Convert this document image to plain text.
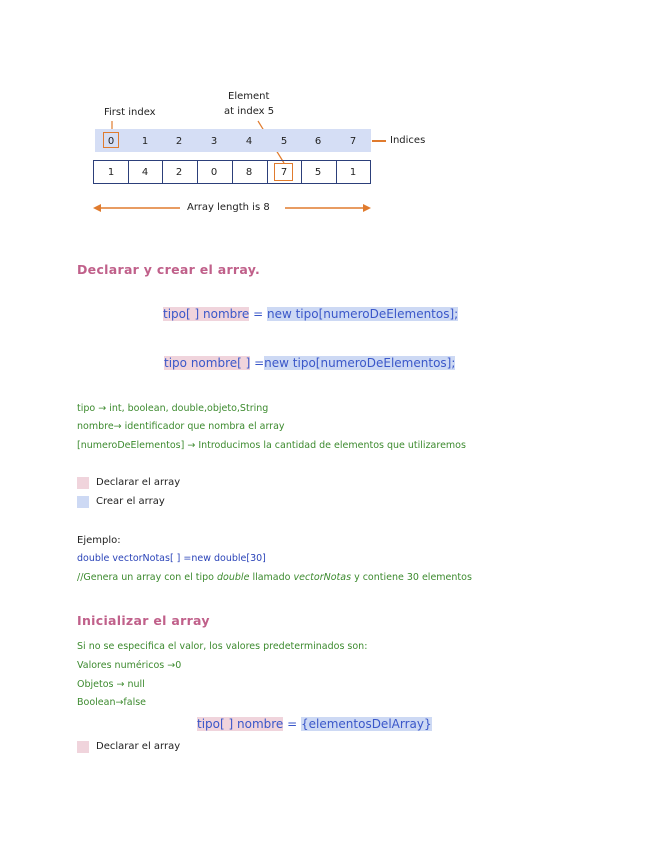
Element
at index 5
First index
0	1	2	3	4	5	6	7	Indices
1	4	2	0	8	7	5	1
Array length is 8
Declarar y crear el array.
tipo[ ] nombre = new tipo[numeroDeElementos];
tipo nombre[ ] =new tipo[numeroDeElementos];
tipo → int, boolean, double,objeto,String
nombre→ identificador que nombra el array
[numeroDeElementos] → Introducimos la cantidad de elementos que utilizaremos
Declarar el array
Crear el array
Ejemplo:
double vectorNotas[ ] =new double[30]
//Genera un array con el tipo double llamado vectorNotas y contiene 30 elementos
Inicializar el array
Si no se especifica el valor, los valores predeterminados son:
Valores numéricos →0
Objetos → null
Boolean→false
tipo[ ] nombre = {elementosDelArray}
Declarar el array
